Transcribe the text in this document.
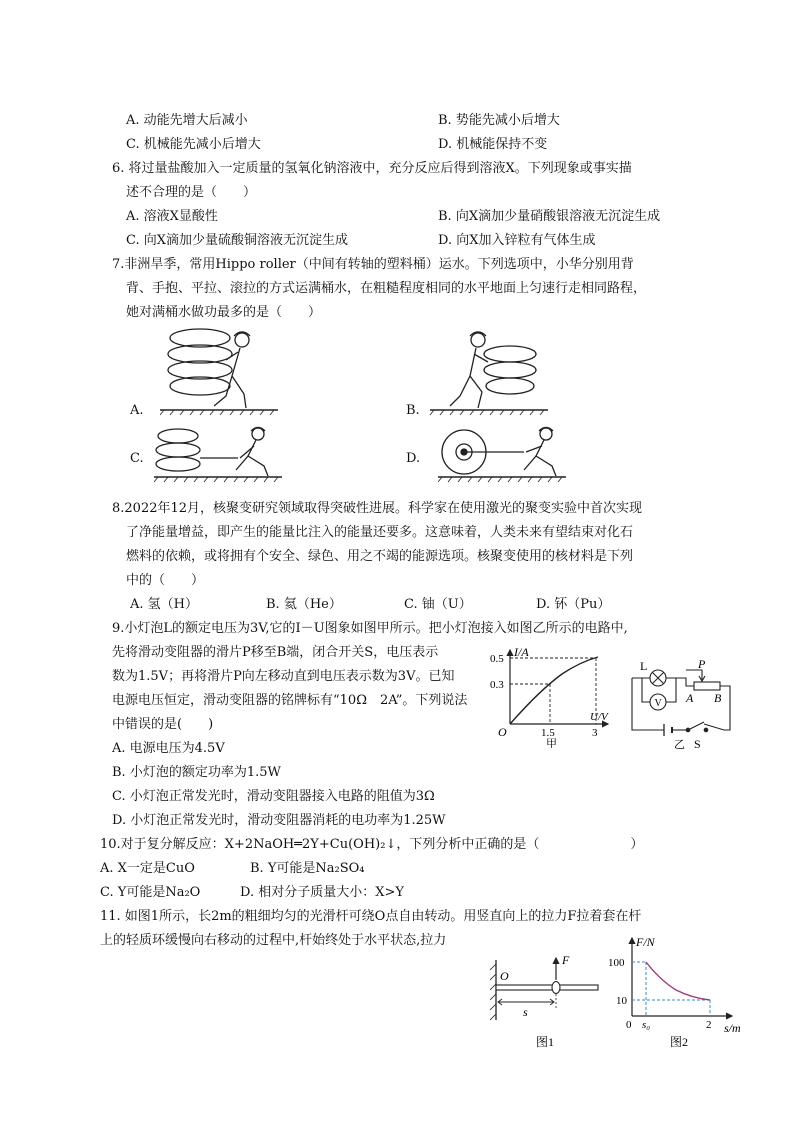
A. 动能先增大后减小	B. 势能先减小后增大
C. 机械能先减小后增大	D. 机械能保持不变
6. 将过量盐酸加入一定质量的氢氧化钠溶液中，充分反应后得到溶液X。下列现象或事实描
述不合理的是（　　）
A. 溶液X显酸性	B. 向X滴加少量硝酸银溶液无沉淀生成
C. 向X滴加少量硫酸铜溶液无沉淀生成	D. 向X加入锌粒有气体生成
7.非洲旱季，常用Hippo roller（中间有转轴的塑料桶）运水。下列选项中，小华分别用背
背、手抱、平拉、滚拉的方式运满桶水，在粗糙程度相同的水平地面上匀速行走相同路程，
她对满桶水做功最多的是（　　）
A.	B.
C.	D.
8.2022年12月，核聚变研究领域取得突破性进展。科学家在使用激光的聚变实验中首次实现
了净能量增益，即产生的能量比注入的能量还要多。这意味着，人类未来有望结束对化石
燃料的依赖，或将拥有个安全、绿色、用之不竭的能源选项。核聚变使用的核材料是下列
中的（　　）
A. 氢（H）	B. 氦（He）	C. 铀（U）	D. 钚（Pu）
9.小灯泡L的额定电压为3V,它的I－U图象如图甲所示。把小灯泡接入如图乙所示的电路中,
先将滑动变阻器的滑片P移至B端，闭合开关S，电压表示
数为1.5V；再将滑片P向左移动直到电压表示数为3V。已知
电源电压恒定，滑动变阻器的铭牌标有“10Ω　2A”。下列说法
中错误的是(　　)
A. 电源电压为4.5V
B. 小灯泡的额定功率为1.5W
C. 小灯泡正常发光时，滑动变阻器接入电路的阻值为3Ω
D. 小灯泡正常发光时，滑动变阻器消耗的电功率为1.25W
I/A
U/V
0.5
0.3
1.5	3
O
甲
L	P
A B
V
S
乙
10.对于复分解反应：X+2NaOH═2Y+Cu(OH)₂↓，下列分析中正确的是（　　　　　　　）
A. X一定是CuO	B. Y可能是Na₂SO₄
C. Y可能是Na₂O	D. 相对分子质量大小：X>Y
11. 如图1所示，长2m的粗细均匀的光滑杆可绕O点自由转动。用竖直向上的拉力F拉着套在杆
上的轻质环缓慢向右移动的过程中,杆始终处于水平状态,拉力
O
F
s
图1
F/N
s/m
100
10
0 s₀	2
图2
